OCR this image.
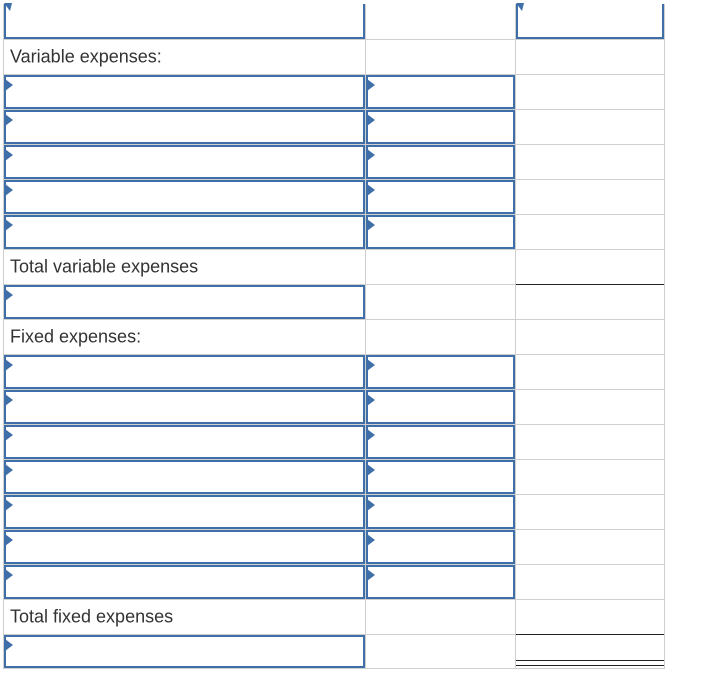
Variable expenses:
Total variable expenses
Fixed expenses:
Total fixed expenses
